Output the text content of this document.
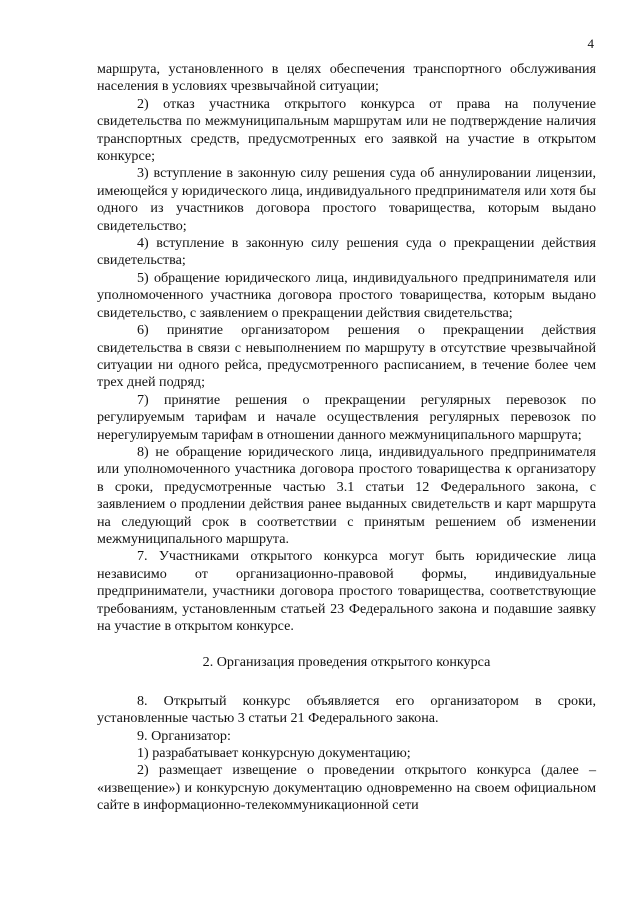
4

маршрута, установленного в целях обеспечения транспортного обслуживания населения в условиях чрезвычайной ситуации;

2) отказ участника открытого конкурса от права на получение свидетельства по межмуниципальным маршрутам или не подтверждение наличия транспортных средств, предусмотренных его заявкой на участие в открытом конкурсе;

3) вступление в законную силу решения суда об аннулировании лицензии, имеющейся у юридического лица, индивидуального предпринимателя или хотя бы одного из участников договора простого товарищества, которым выдано свидетельство;

4) вступление в законную силу решения суда о прекращении действия свидетельства;

5) обращение юридического лица, индивидуального предпринимателя или уполномоченного участника договора простого товарищества, которым выдано свидетельство, с заявлением о прекращении действия свидетельства;

6) принятие организатором решения о прекращении действия свидетельства в связи с невыполнением по маршруту в отсутствие чрезвычайной ситуации ни одного рейса, предусмотренного расписанием, в течение более чем трех дней подряд;

7) принятие решения о прекращении регулярных перевозок по регулируемым тарифам и начале осуществления регулярных перевозок по нерегулируемым тарифам в отношении данного межмуниципального маршрута;

8) не обращение юридического лица, индивидуального предпринимателя или уполномоченного участника договора простого товарищества к организатору в сроки, предусмотренные частью 3.1 статьи 12 Федерального закона, с заявлением о продлении действия ранее выданных свидетельств и карт маршрута на следующий срок в соответствии с принятым решением об изменении межмуниципального маршрута.

7. Участниками открытого конкурса могут быть юридические лица независимо от организационно-правовой формы, индивидуальные предприниматели, участники договора простого товарищества, соответствующие требованиям, установленным статьей 23 Федерального закона и подавшие заявку на участие в открытом конкурсе.

2. Организация проведения открытого конкурса

8. Открытый конкурс объявляется его организатором в сроки, установленные частью 3 статьи 21 Федерального закона.

9. Организатор:

1) разрабатывает конкурсную документацию;

2) размещает извещение о проведении открытого конкурса (далее – «извещение») и конкурсную документацию одновременно на своем официальном сайте в информационно-телекоммуникационной сети
